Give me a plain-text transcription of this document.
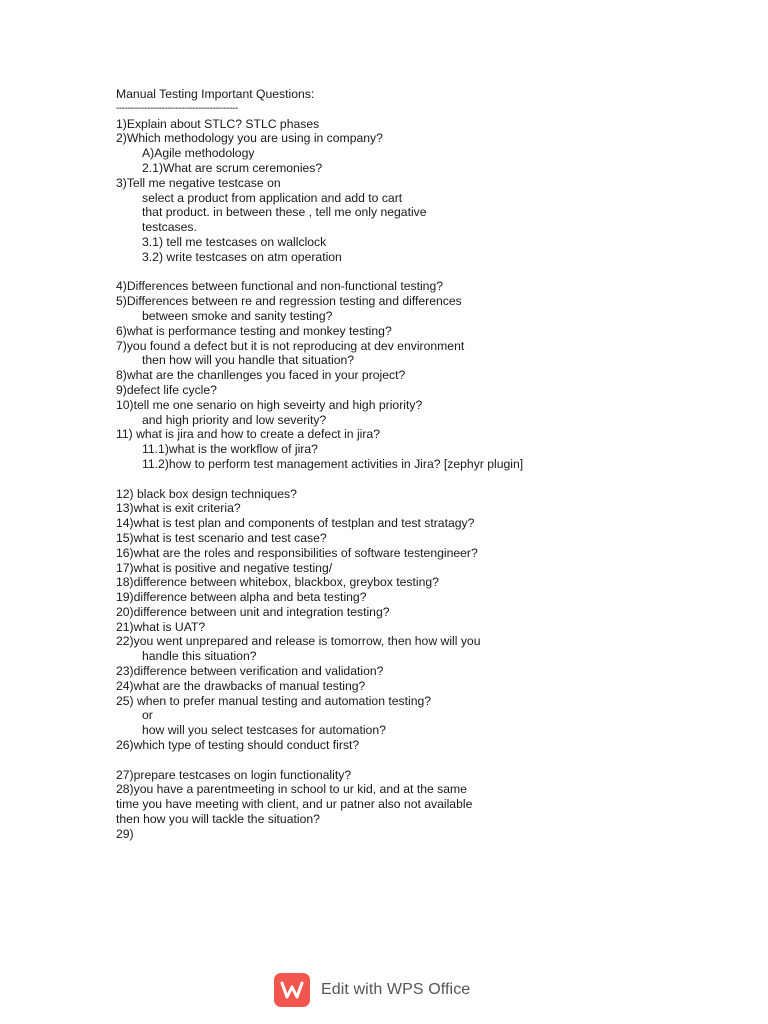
Manual Testing Important Questions:
-------------------------------------------
1)Explain about STLC? STLC phases
2)Which methodology you are using in company?
A)Agile methodology
2.1)What are scrum ceremonies?
3)Tell me negative testcase on
select a product from application and add to cart
that product. in between these , tell me only negative
testcases.
3.1) tell me testcases on wallclock
3.2) write testcases on atm operation
4)Differences between functional and non-functional testing?
5)Differences between re and regression testing and differences
between smoke and sanity testing?
6)what is performance testing and monkey testing?
7)you found a defect but it is not reproducing at dev environment
then how will you handle that situation?
8)what are the chanllenges you faced in your project?
9)defect life cycle?
10)tell me one senario on high seveirty and high priority?
and high priority and low severity?
11) what is jira and how to create a defect in jira?
11.1)what is the workflow of jira?
11.2)how to perform test management activities in Jira? [zephyr plugin]
12) black box design techniques?
13)what is exit criteria?
14)what is test plan and components of testplan and test stratagy?
15)what is test scenario and test case?
16)what are the roles and responsibilities of software testengineer?
17)what is positive and negative testing/
18)difference between whitebox, blackbox, greybox testing?
19)difference between alpha and beta testing?
20)difference between unit and integration testing?
21)what is UAT?
22)you went unprepared and release is tomorrow, then how will you
handle this situation?
23)difference between verification and validation?
24)what are the drawbacks of manual testing?
25) when to prefer manual testing and automation testing?
or
how will you select testcases for automation?
26)which type of testing should conduct first?
27)prepare testcases on login functionality?
28)you have a parentmeeting in school to ur kid, and at the same
time you have meeting with client, and ur patner also not available
then how you will tackle the situation?
29)
Edit with WPS Office
